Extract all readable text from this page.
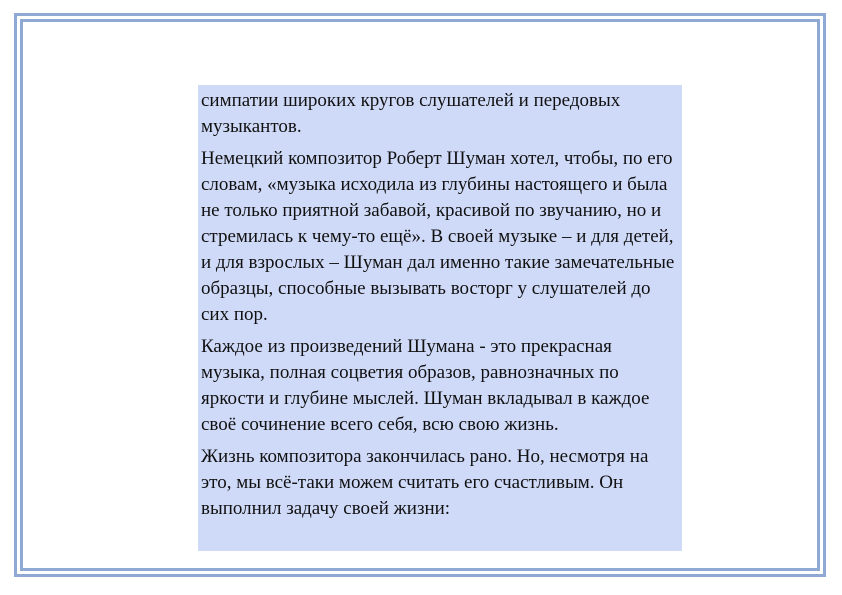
симпатии широких кругов слушателей и передовых музыкантов.

Немецкий композитор Роберт Шуман хотел, чтобы, по его словам, «музыка исходила из глубины настоящего и была не только приятной забавой, красивой по звучанию, но и стремилась к чему-то ещё». В своей музыке – и для детей, и для взрослых – Шуман дал именно такие замечательные образцы, способные вызывать восторг у слушателей до сих пор.

Каждое из произведений Шумана - это прекрасная музыка, полная соцветия образов, равнозначных по яркости и глубине мыслей. Шуман вкладывал в каждое своё сочинение всего себя, всю свою жизнь.

Жизнь композитора закончилась рано. Но, несмотря на это, мы всё-таки можем считать его счастливым. Он выполнил задачу своей жизни:
